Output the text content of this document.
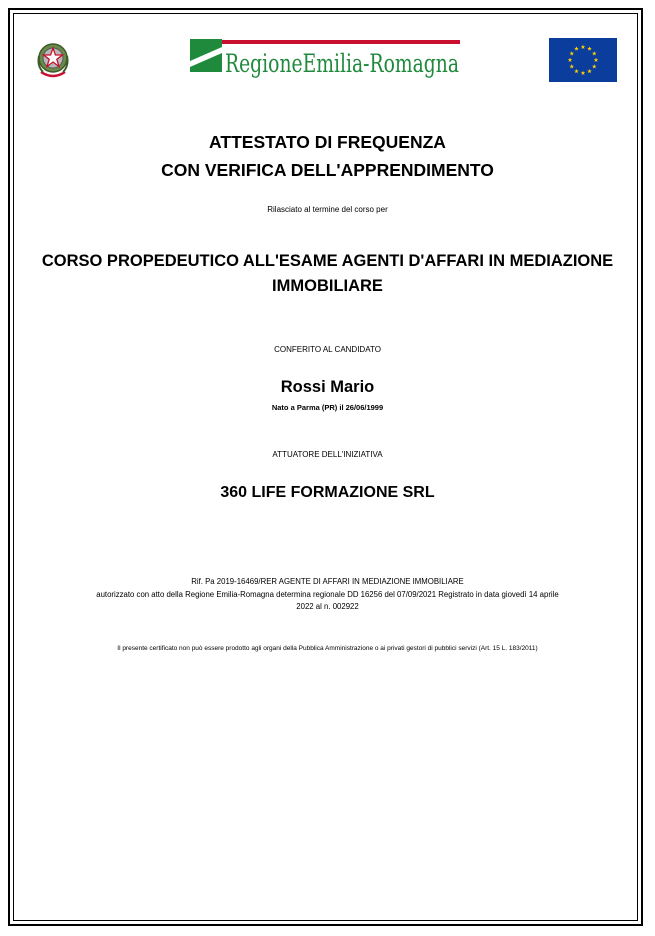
RegioneEmilia-Romagna
ATTESTATO DI FREQUENZA
CON VERIFICA DELL'APPRENDIMENTO
Rilasciato al termine del corso per
CORSO PROPEDEUTICO ALL'ESAME AGENTI D'AFFARI IN MEDIAZIONE
IMMOBILIARE
CONFERITO AL CANDIDATO
Rossi Mario
Nato a Parma (PR) il 26/06/1999
ATTUATORE DELL'INIZIATIVA
360 LIFE FORMAZIONE SRL
Rif. Pa 2019-16469/RER AGENTE DI AFFARI IN MEDIAZIONE IMMOBILIARE
autorizzato con atto della Regione Emilia-Romagna determina regionale DD 16256 del 07/09/2021 Registrato in data giovedì 14 aprile
2022 al n. 002922
Il presente certificato non può essere prodotto agli organi della Pubblica Amministrazione o ai privati gestori di pubblici servizi (Art. 15 L. 183/2011)
